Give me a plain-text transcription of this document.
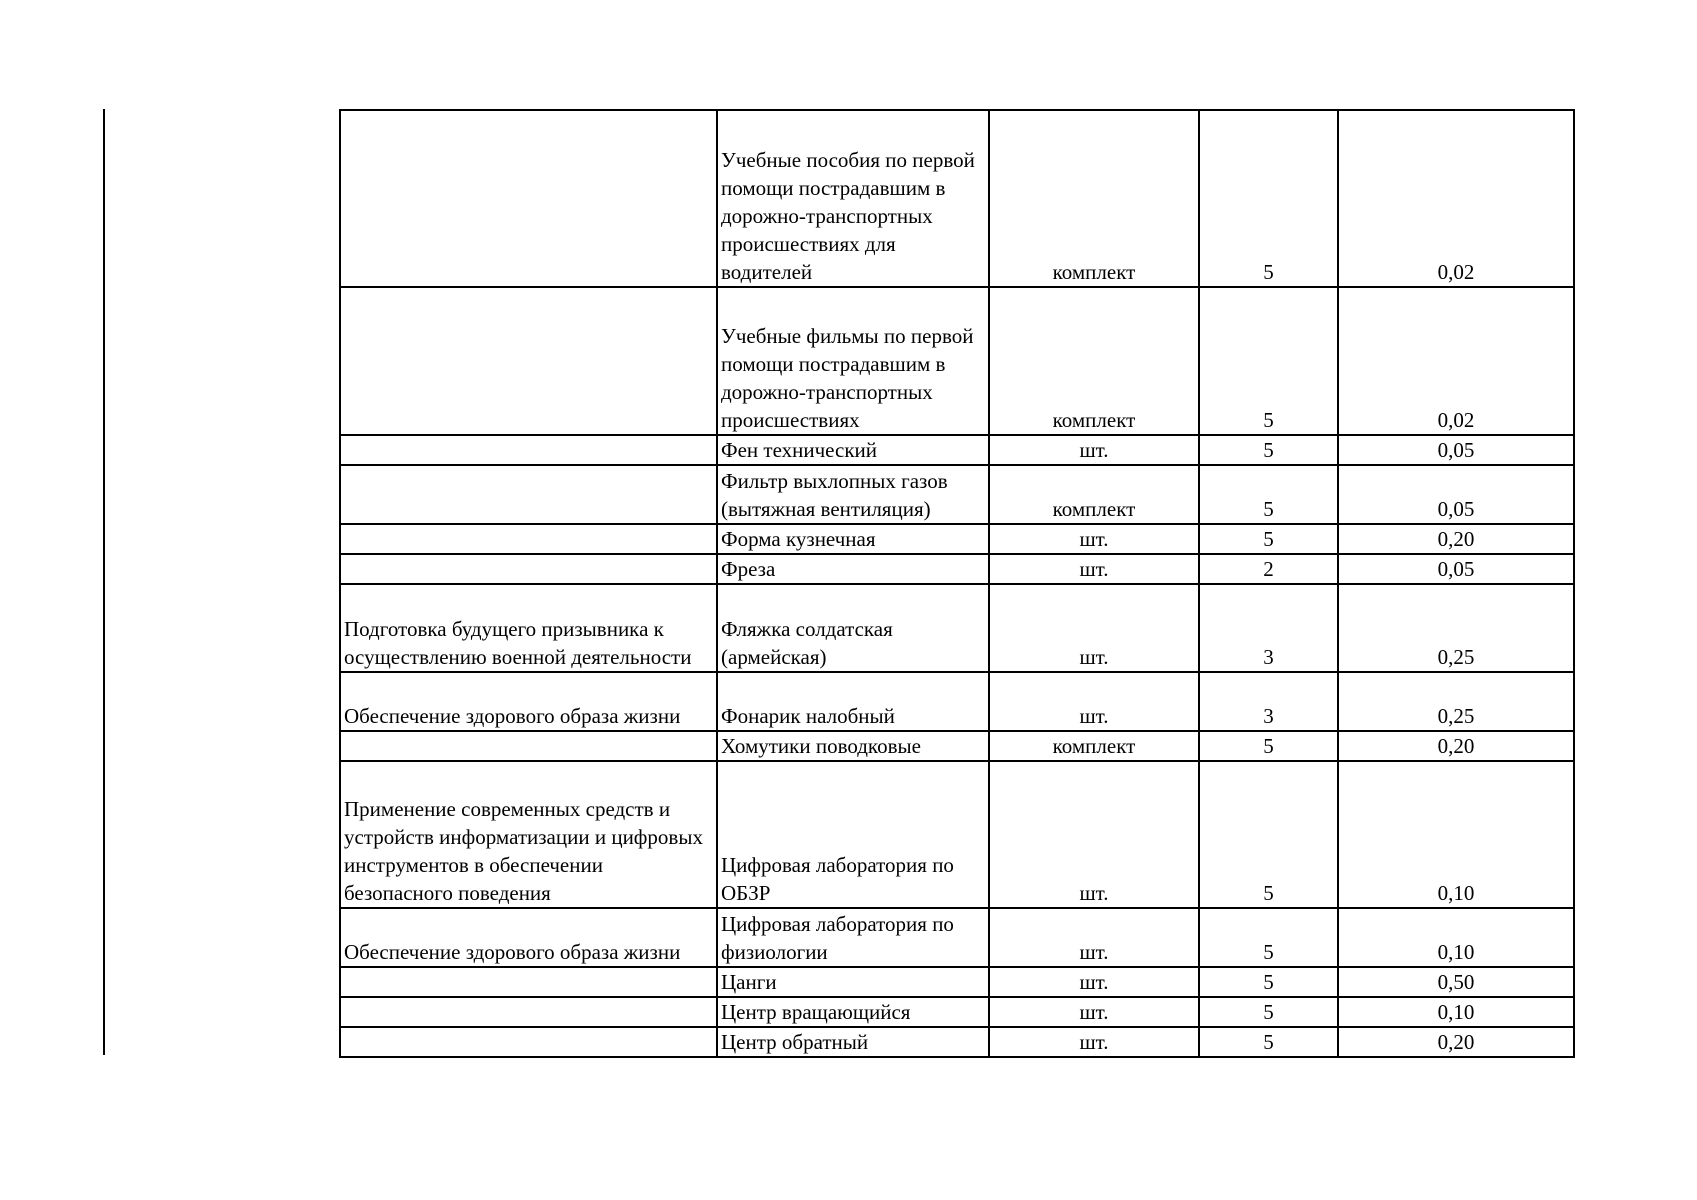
	Учебные пособия по первой помощи пострадавшим в дорожно-транспортных происшествиях для водителей	комплект	5	0,02
	Учебные фильмы по первой помощи пострадавшим в дорожно-транспортных происшествиях	комплект	5	0,02
	Фен технический	шт.	5	0,05
	Фильтр выхлопных газов (вытяжная вентиляция)	комплект	5	0,05
	Форма кузнечная	шт.	5	0,20
	Фреза	шт.	2	0,05
Подготовка будущего призывника к осуществлению военной деятельности	Фляжка солдатская (армейская)	шт.	3	0,25
Обеспечение здорового образа жизни	Фонарик налобный	шт.	3	0,25
	Хомутики поводковые	комплект	5	0,20
Применение современных средств и устройств информатизации и цифровых инструментов в обеспечении безопасного поведения	Цифровая лаборатория по ОБЗР	шт.	5	0,10
Обеспечение здорового образа жизни	Цифровая лаборатория по физиологии	шт.	5	0,10
	Цанги	шт.	5	0,50
	Центр вращающийся	шт.	5	0,10
	Центр обратный	шт.	5	0,20
